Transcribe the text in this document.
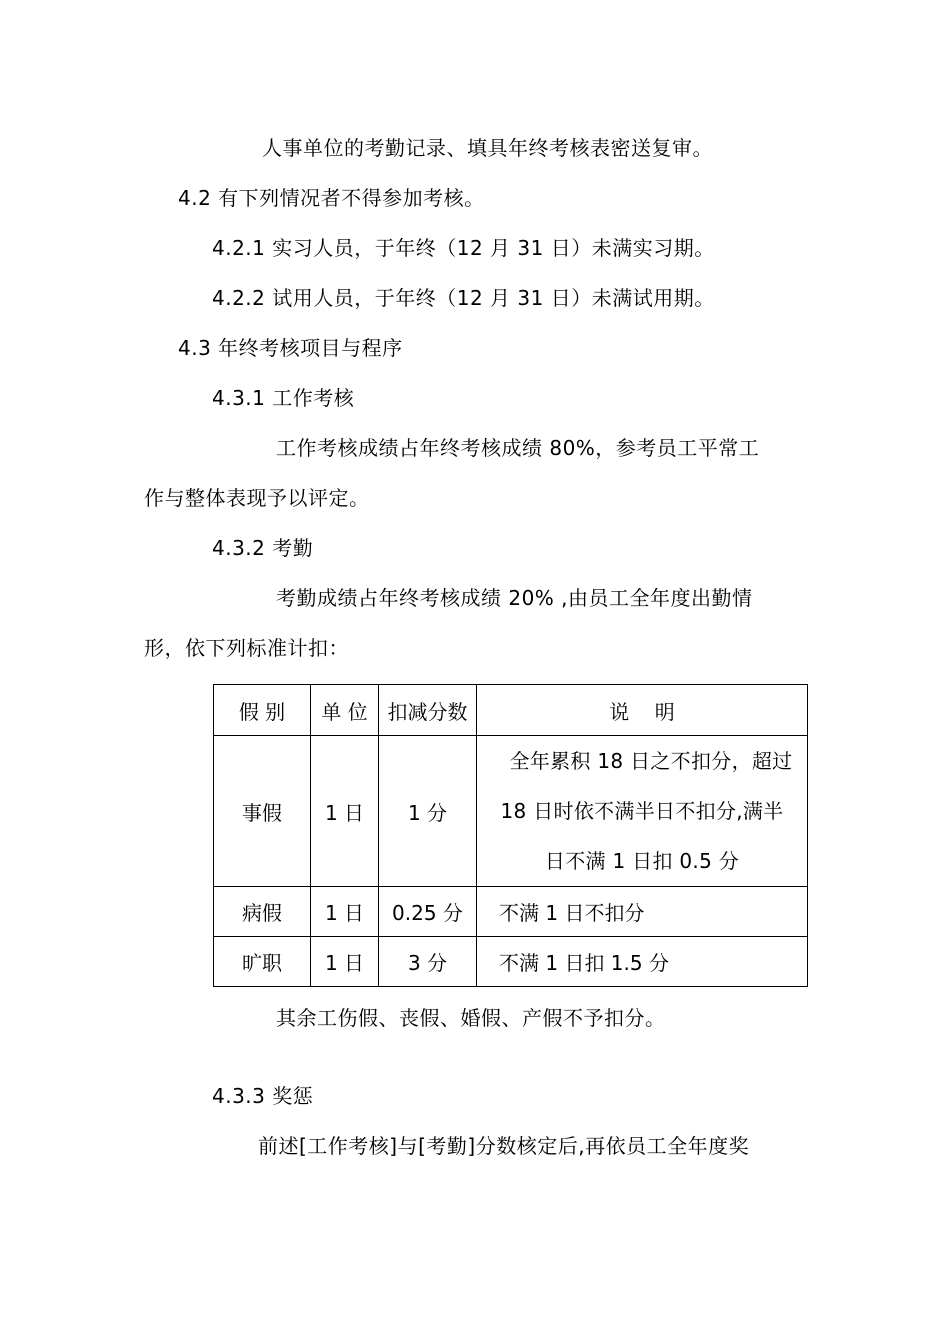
人事单位的考勤记录、填具年终考核表密送复审。
4.2 有下列情况者不得参加考核。
4.2.1 实习人员，于年终（12 月 31 日）未满实习期。
4.2.2 试用人员，于年终（12 月 31 日）未满试用期。
4.3 年终考核项目与程序
4.3.1 工作考核
工作考核成绩占年终考核成绩 80%，参考员工平常工
作与整体表现予以评定。
4.3.2 考勤
考勤成绩占年终考核成绩 20% ,由员工全年度出勤情
形，依下列标准计扣：
假 别	单 位	扣减分数	说    明
事假	1 日	1 分	全年累积 18 日之不扣分，超过
18 日时依不满半日不扣分,满半
日不满 1 日扣 0.5 分

病假	1 日	0.25 分	不满 1 日不扣分
旷职	1 日	3 分	不满 1 日扣 1.5 分
其余工伤假、丧假、婚假、产假不予扣分。
4.3.3 奖惩
前述[工作考核]与[考勤]分数核定后,再依员工全年度奖
